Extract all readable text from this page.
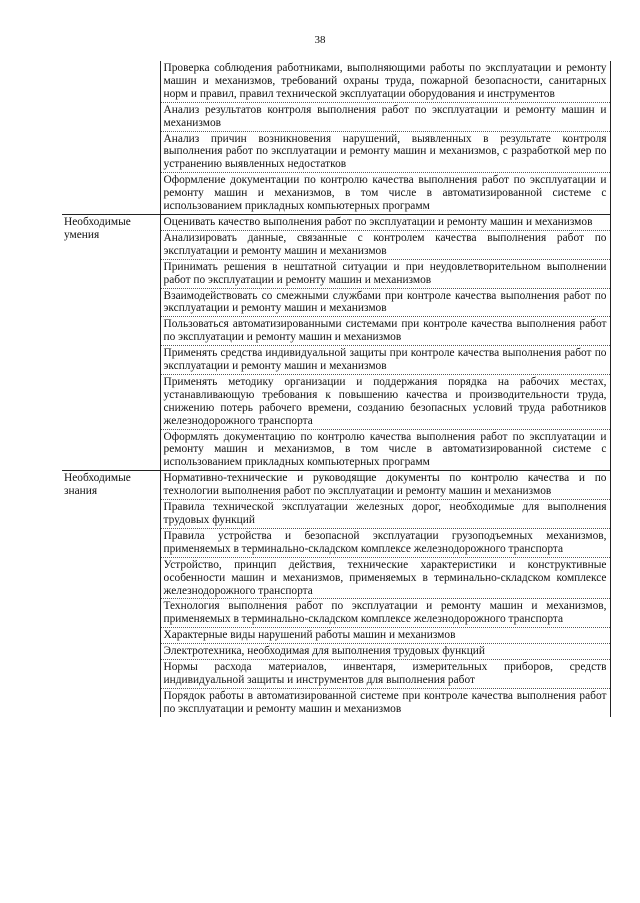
38
	Проверка соблюдения работниками, выполняющими работы по эксплуатации и ремонту машин и механизмов, требований охраны труда, пожарной безопасности, санитарных норм и правил, правил технической эксплуатации оборудования и инструментов
	Анализ результатов контроля выполнения работ по эксплуатации и ремонту машин и механизмов
	Анализ причин возникновения нарушений, выявленных в результате контроля выполнения работ по эксплуатации и ремонту машин и механизмов, с разработкой мер по устранению выявленных недостатков
	Оформление документации по контролю качества выполнения работ по эксплуатации и ремонту машин и механизмов, в том числе в автоматизированной системе с использованием прикладных компьютерных программ
Необходимые умения	Оценивать качество выполнения работ по эксплуатации и ремонту машин и механизмов
	Анализировать данные, связанные с контролем качества выполнения работ по эксплуатации и ремонту машин и механизмов
	Принимать решения в нештатной ситуации и при неудовлетворительном выполнении работ по эксплуатации и ремонту машин и механизмов
	Взаимодействовать со смежными службами при контроле качества выполнения работ по эксплуатации и ремонту машин и механизмов
	Пользоваться автоматизированными системами при контроле качества выполнения работ по эксплуатации и ремонту машин и механизмов
	Применять средства индивидуальной защиты при контроле качества выполнения работ по эксплуатации и ремонту машин и механизмов
	Применять методику организации и поддержания порядка на рабочих местах, устанавливающую требования к повышению качества и производительности труда, снижению потерь рабочего времени, созданию безопасных условий труда работников железнодорожного транспорта
	Оформлять документацию по контролю качества выполнения работ по эксплуатации и ремонту машин и механизмов, в том числе в автоматизированной системе с использованием прикладных компьютерных программ
Необходимые знания	Нормативно-технические и руководящие документы по контролю качества и по технологии выполнения работ по эксплуатации и ремонту машин и механизмов
	Правила технической эксплуатации железных дорог, необходимые для выполнения трудовых функций
	Правила устройства и безопасной эксплуатации грузоподъемных механизмов, применяемых в терминально-складском комплексе железнодорожного транспорта
	Устройство, принцип действия, технические характеристики и конструктивные особенности машин и механизмов, применяемых в терминально-складском комплексе железнодорожного транспорта
	Технология выполнения работ по эксплуатации и ремонту машин и механизмов, применяемых в терминально-складском комплексе железнодорожного транспорта
	Характерные виды нарушений работы машин и механизмов
	Электротехника, необходимая для выполнения трудовых функций
	Нормы расхода материалов, инвентаря, измерительных приборов, средств индивидуальной защиты и инструментов для выполнения работ
	Порядок работы в автоматизированной системе при контроле качества выполнения работ по эксплуатации и ремонту машин и механизмов
